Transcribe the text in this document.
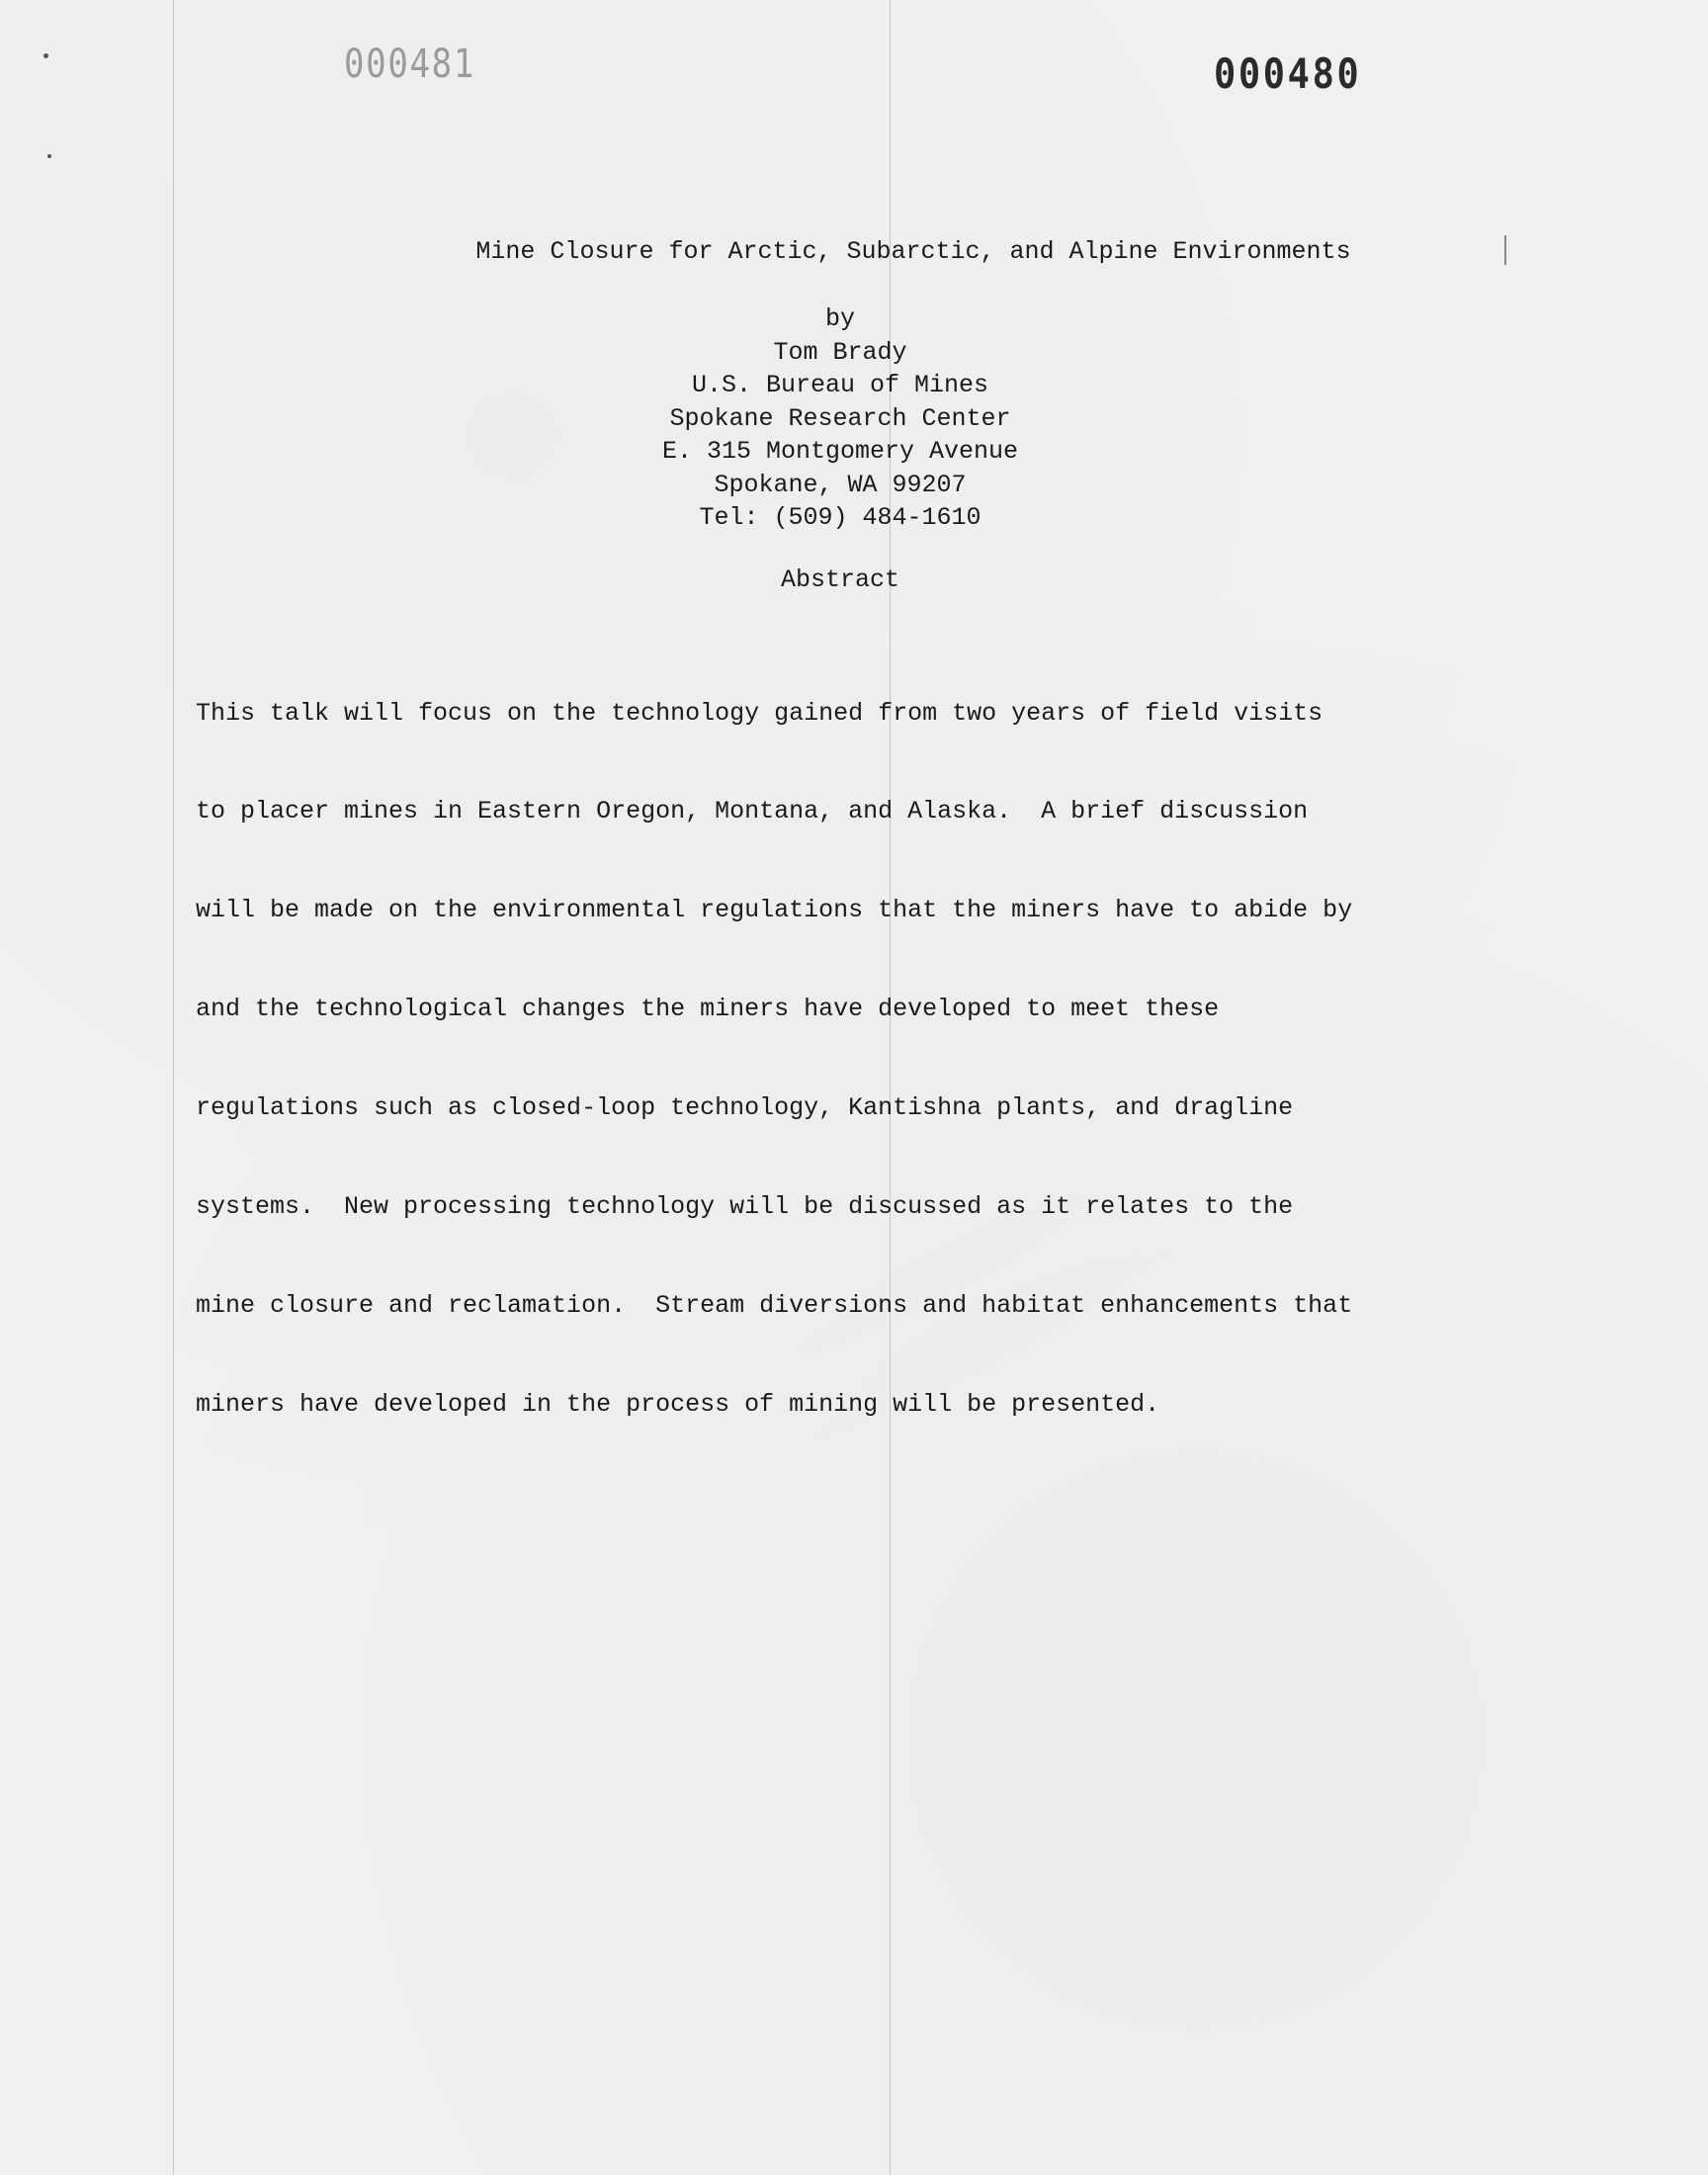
000481	000480
Mine Closure for Arctic, Subarctic, and Alpine Environments
by
Tom Brady
U.S. Bureau of Mines
Spokane Research Center
E. 315 Montgomery Avenue
Spokane, WA 99207
Tel: (509) 484-1610
Abstract

This talk will focus on the technology gained from two years of field visits

to placer mines in Eastern Oregon, Montana, and Alaska.  A brief discussion

will be made on the environmental regulations that the miners have to abide by

and the technological changes the miners have developed to meet these

regulations such as closed-loop technology, Kantishna plants, and dragline

systems.  New processing technology will be discussed as it relates to the

mine closure and reclamation.  Stream diversions and habitat enhancements that

miners have developed in the process of mining will be presented.
